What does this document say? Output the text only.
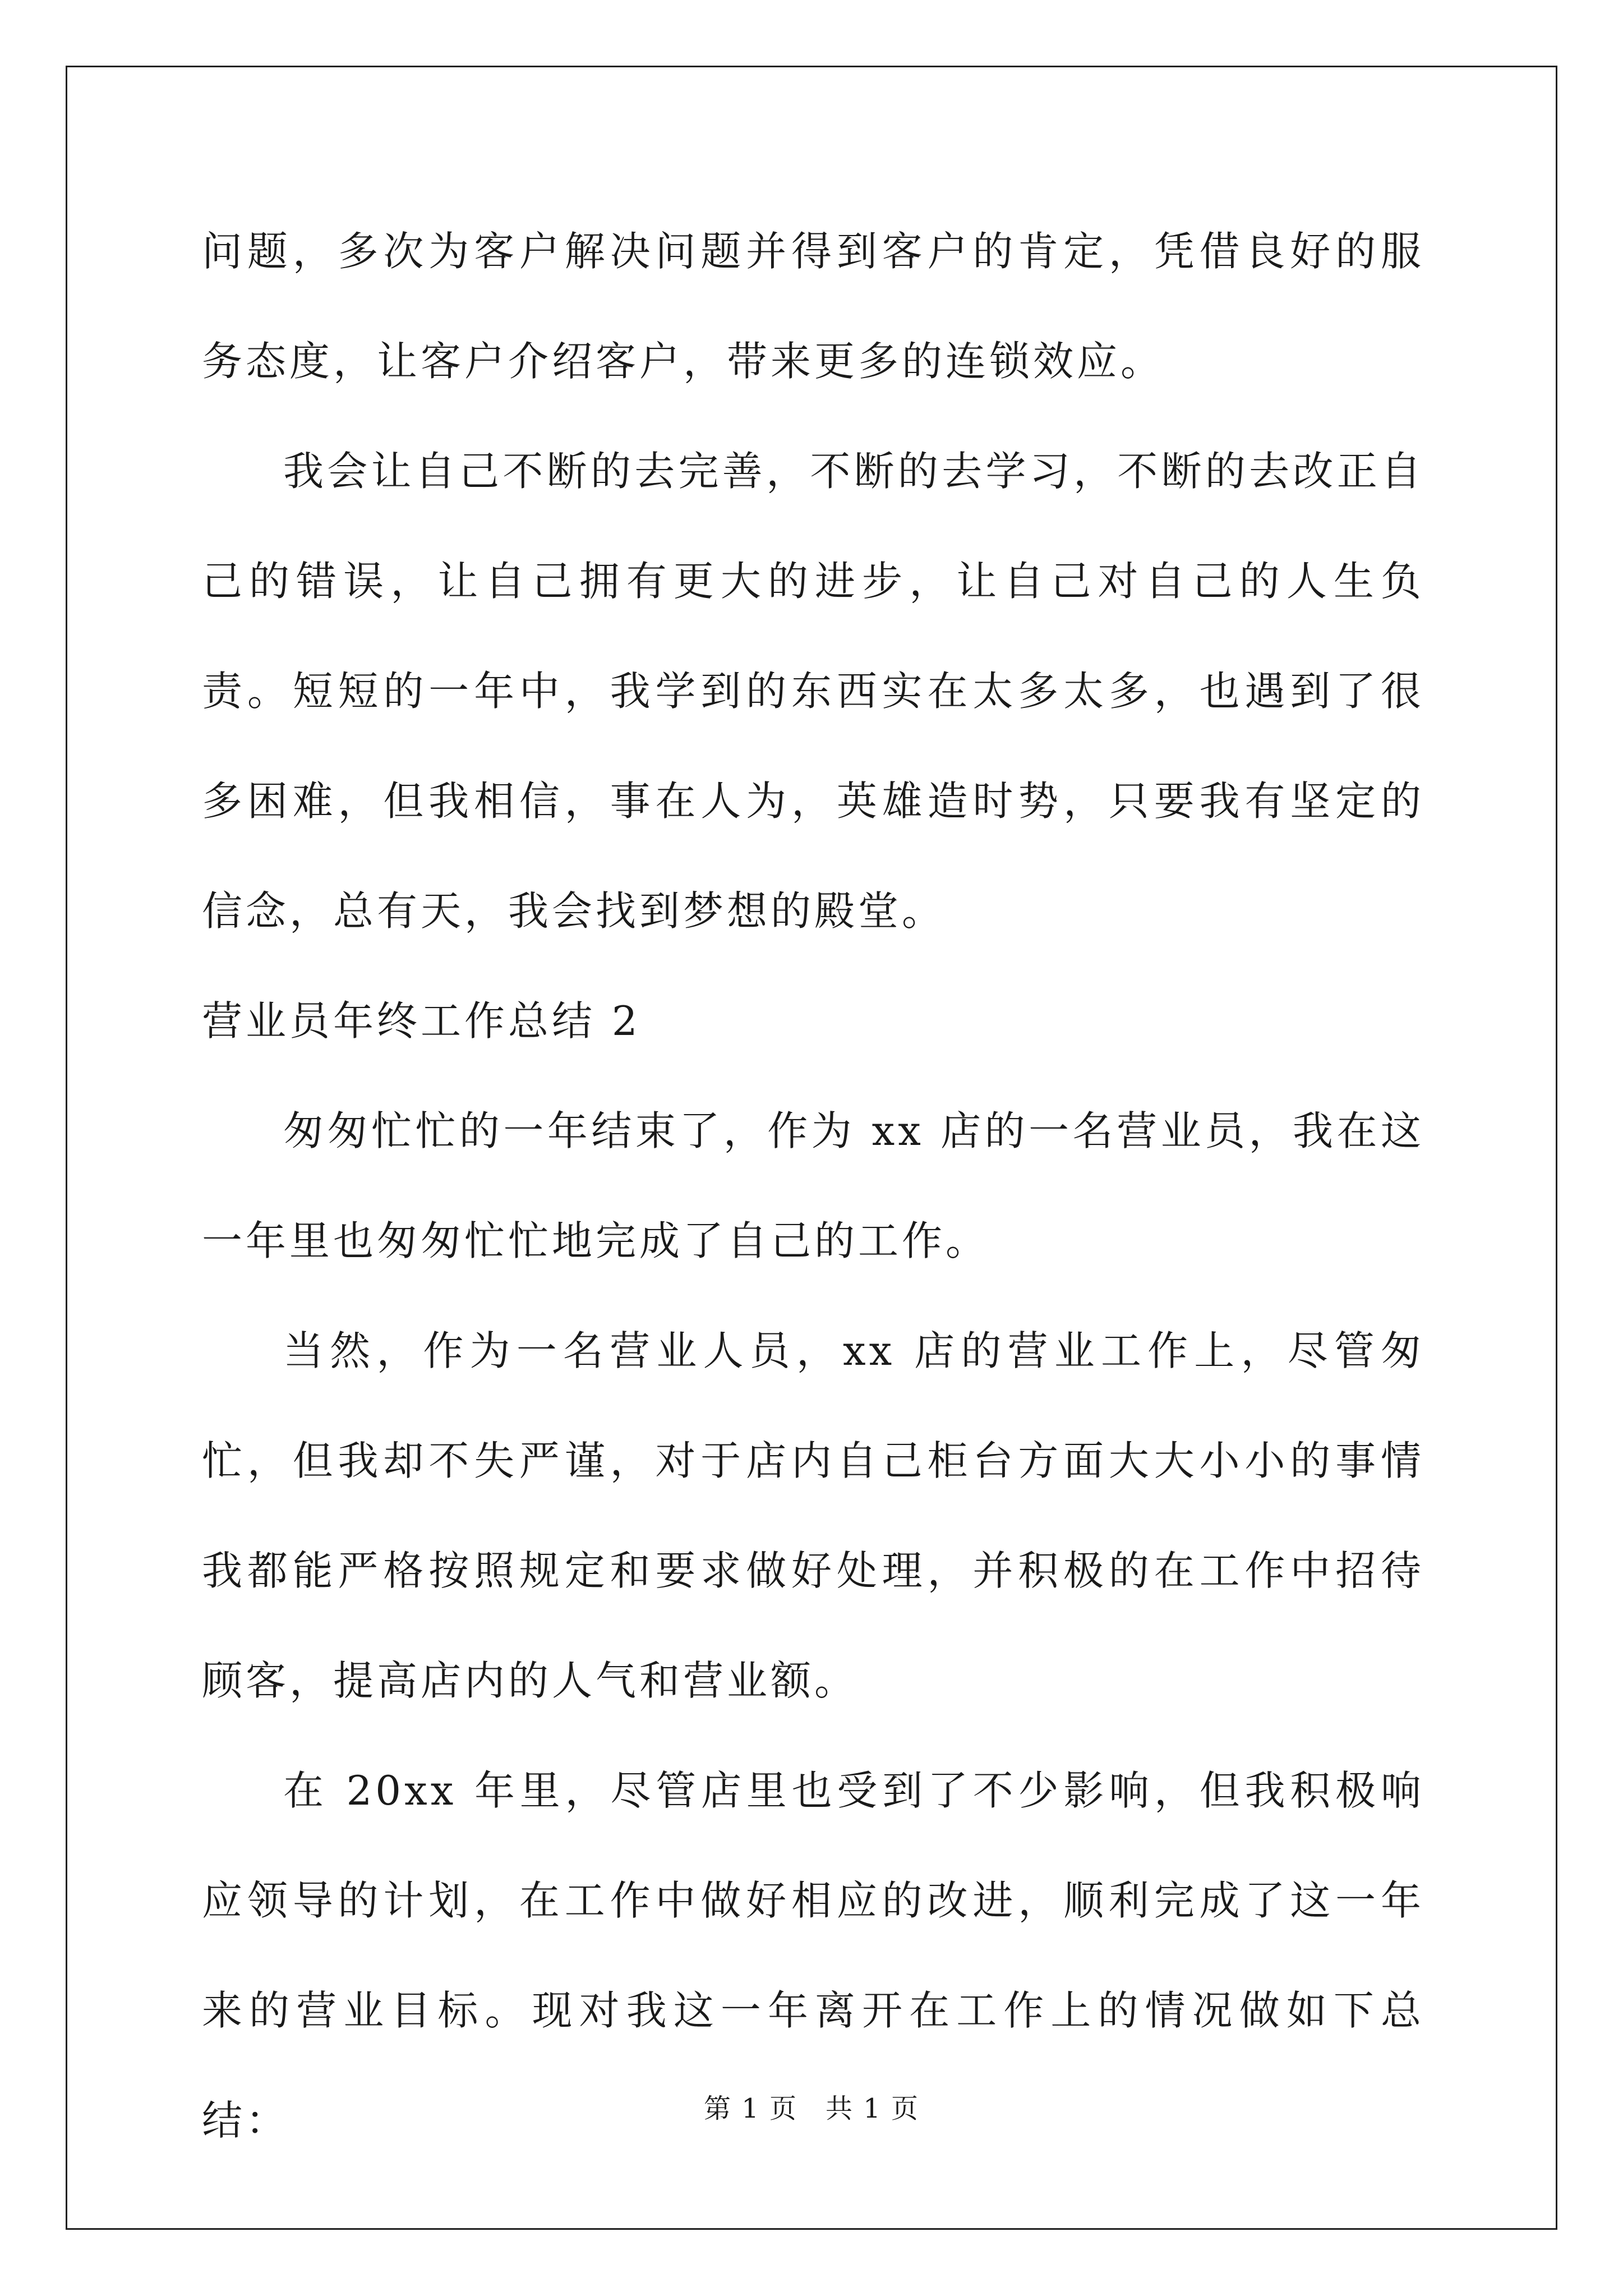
问题，多次为客户解决问题并得到客户的肯定，凭借良好的服务态度，让客户介绍客户，带来更多的连锁效应。

我会让自己不断的去完善，不断的去学习，不断的去改正自己的错误，让自己拥有更大的进步，让自己对自己的人生负责。短短的一年中，我学到的东西实在太多太多，也遇到了很多困难，但我相信，事在人为，英雄造时势，只要我有坚定的信念，总有天，我会找到梦想的殿堂。

营业员年终工作总结 2

匆匆忙忙的一年结束了，作为 xx 店的一名营业员，我在这一年里也匆匆忙忙地完成了自己的工作。

当然，作为一名营业人员，xx 店的营业工作上，尽管匆忙，但我却不失严谨，对于店内自己柜台方面大大小小的事情我都能严格按照规定和要求做好处理，并积极的在工作中招待顾客，提高店内的人气和营业额。

在 20xx 年里，尽管店里也受到了不少影响，但我积极响应领导的计划，在工作中做好相应的改进，顺利完成了这一年来的营业目标。现对我这一年离开在工作上的情况做如下总结：	第 1 页　共 1 页
